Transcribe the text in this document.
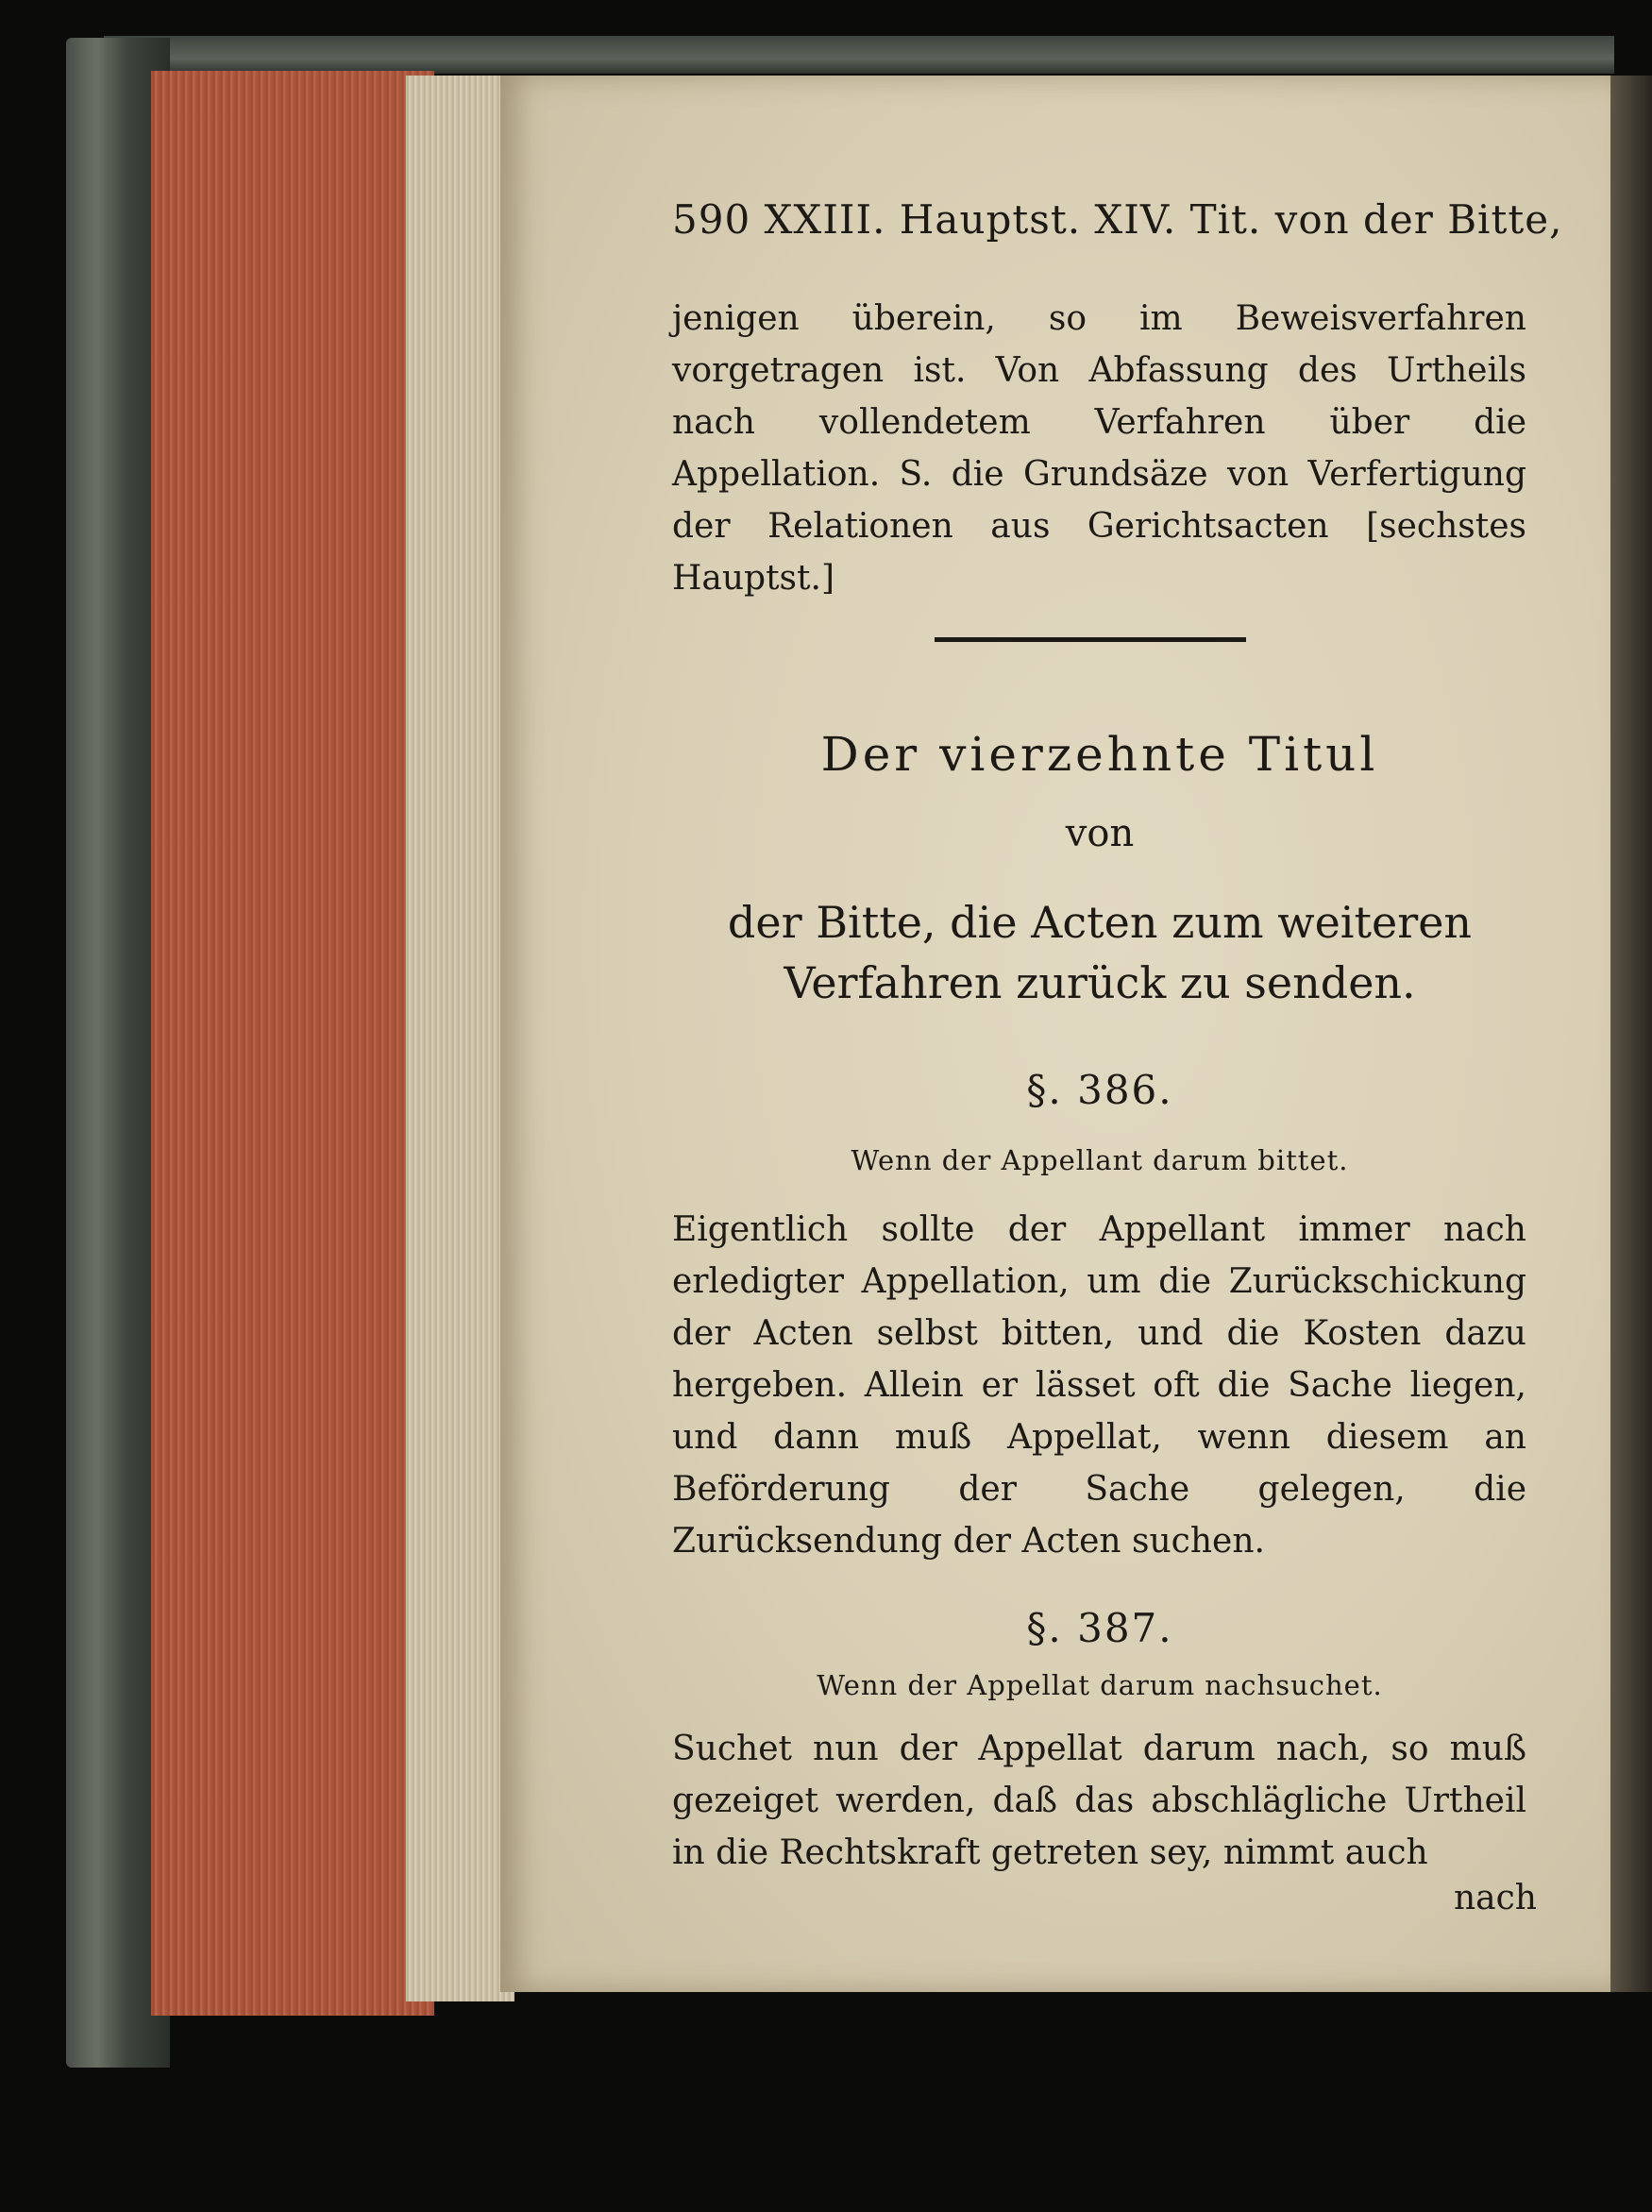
590 XXIII. Hauptst. XIV. Tit. von der Bitte,
jenigen überein, so im Beweisverfahren vorgetragen ist. Von Abfassung des Urtheils nach vollendetem Verfahren über die Appellation. S. die Grundsäze von Verfertigung der Relationen aus Gerichtsacten [sechstes Hauptst.]
Der vierzehnte Titul
von
der Bitte, die Acten zum weiteren Verfahren zurück zu senden.
§. 386.
Wenn der Appellant darum bittet.
Eigentlich sollte der Appellant immer nach erledigter Appellation, um die Zurückschickung der Acten selbst bitten, und die Kosten dazu hergeben. Allein er lässet oft die Sache liegen, und dann muß Appellat, wenn diesem an Beförderung der Sache gelegen, die Zurücksendung der Acten suchen.
§. 387.
Wenn der Appellat darum nachsuchet.
Suchet nun der Appellat darum nach, so muß gezeiget werden, daß das abschlägliche Urtheil in die Rechtskraft getreten sey, nimmt auch
nach
